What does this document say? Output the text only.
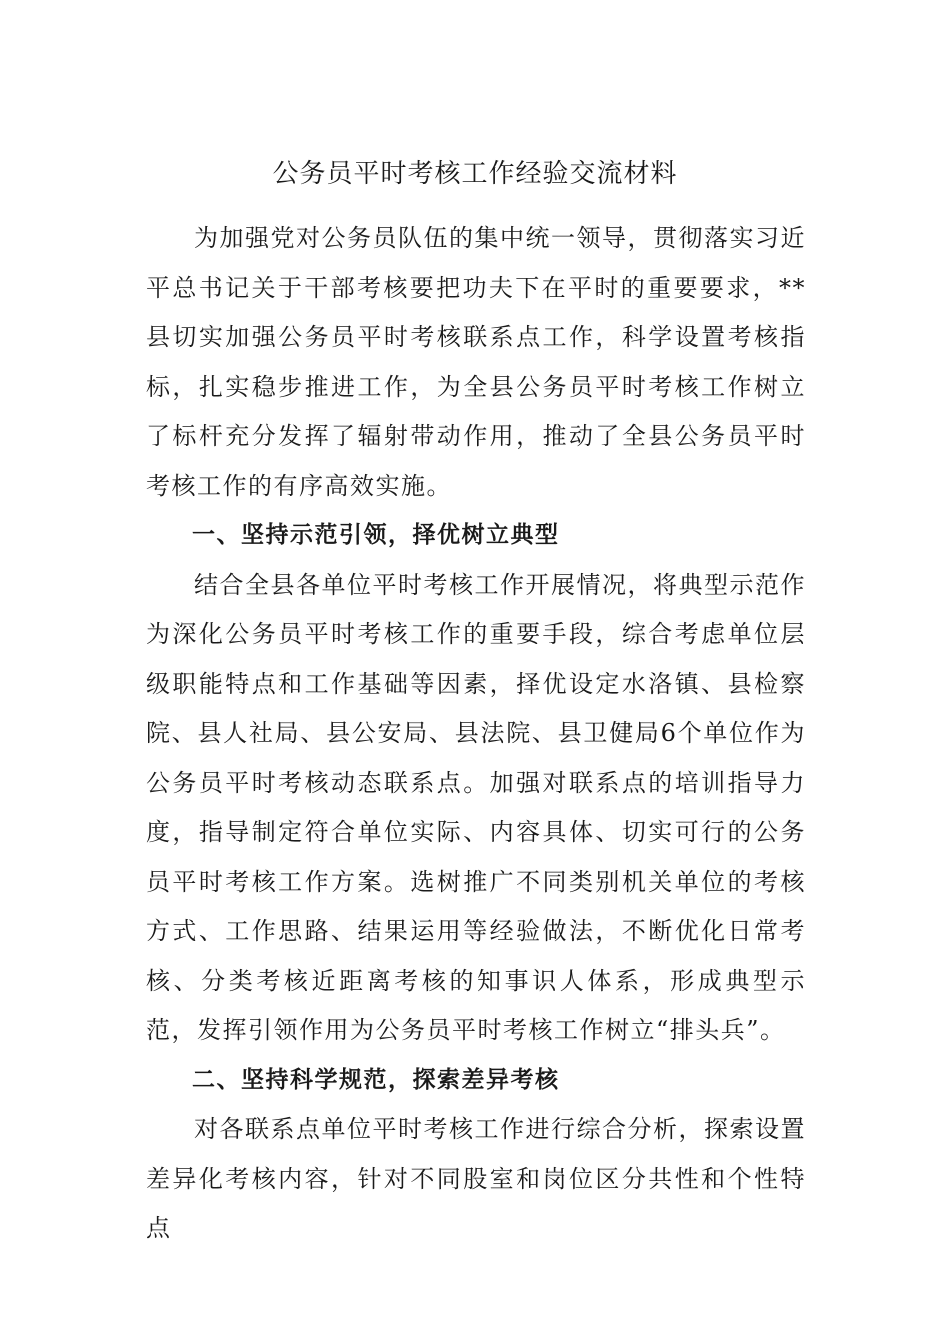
公务员平时考核工作经验交流材料

为加强党对公务员队伍的集中统一领导，贯彻落实习近平总书记关于干部考核要把功夫下在平时的重要要求，**县切实加强公务员平时考核联系点工作，科学设置考核指标，扎实稳步推进工作，为全县公务员平时考核工作树立了标杆充分发挥了辐射带动作用，推动了全县公务员平时考核工作的有序高效实施。

一、坚持示范引领，择优树立典型

结合全县各单位平时考核工作开展情况，将典型示范作为深化公务员平时考核工作的重要手段，综合考虑单位层级职能特点和工作基础等因素，择优设定水洛镇、县检察院、县人社局、县公安局、县法院、县卫健局6个单位作为公务员平时考核动态联系点。加强对联系点的培训指导力度，指导制定符合单位实际、内容具体、切实可行的公务员平时考核工作方案。选树推广不同类别机关单位的考核方式、工作思路、结果运用等经验做法，不断优化日常考核、分类考核近距离考核的知事识人体系，形成典型示范，发挥引领作用为公务员平时考核工作树立“排头兵”。

二、坚持科学规范，探索差异考核

对各联系点单位平时考核工作进行综合分析，探索设置差异化考核内容，针对不同股室和岗位区分共性和个性特点
